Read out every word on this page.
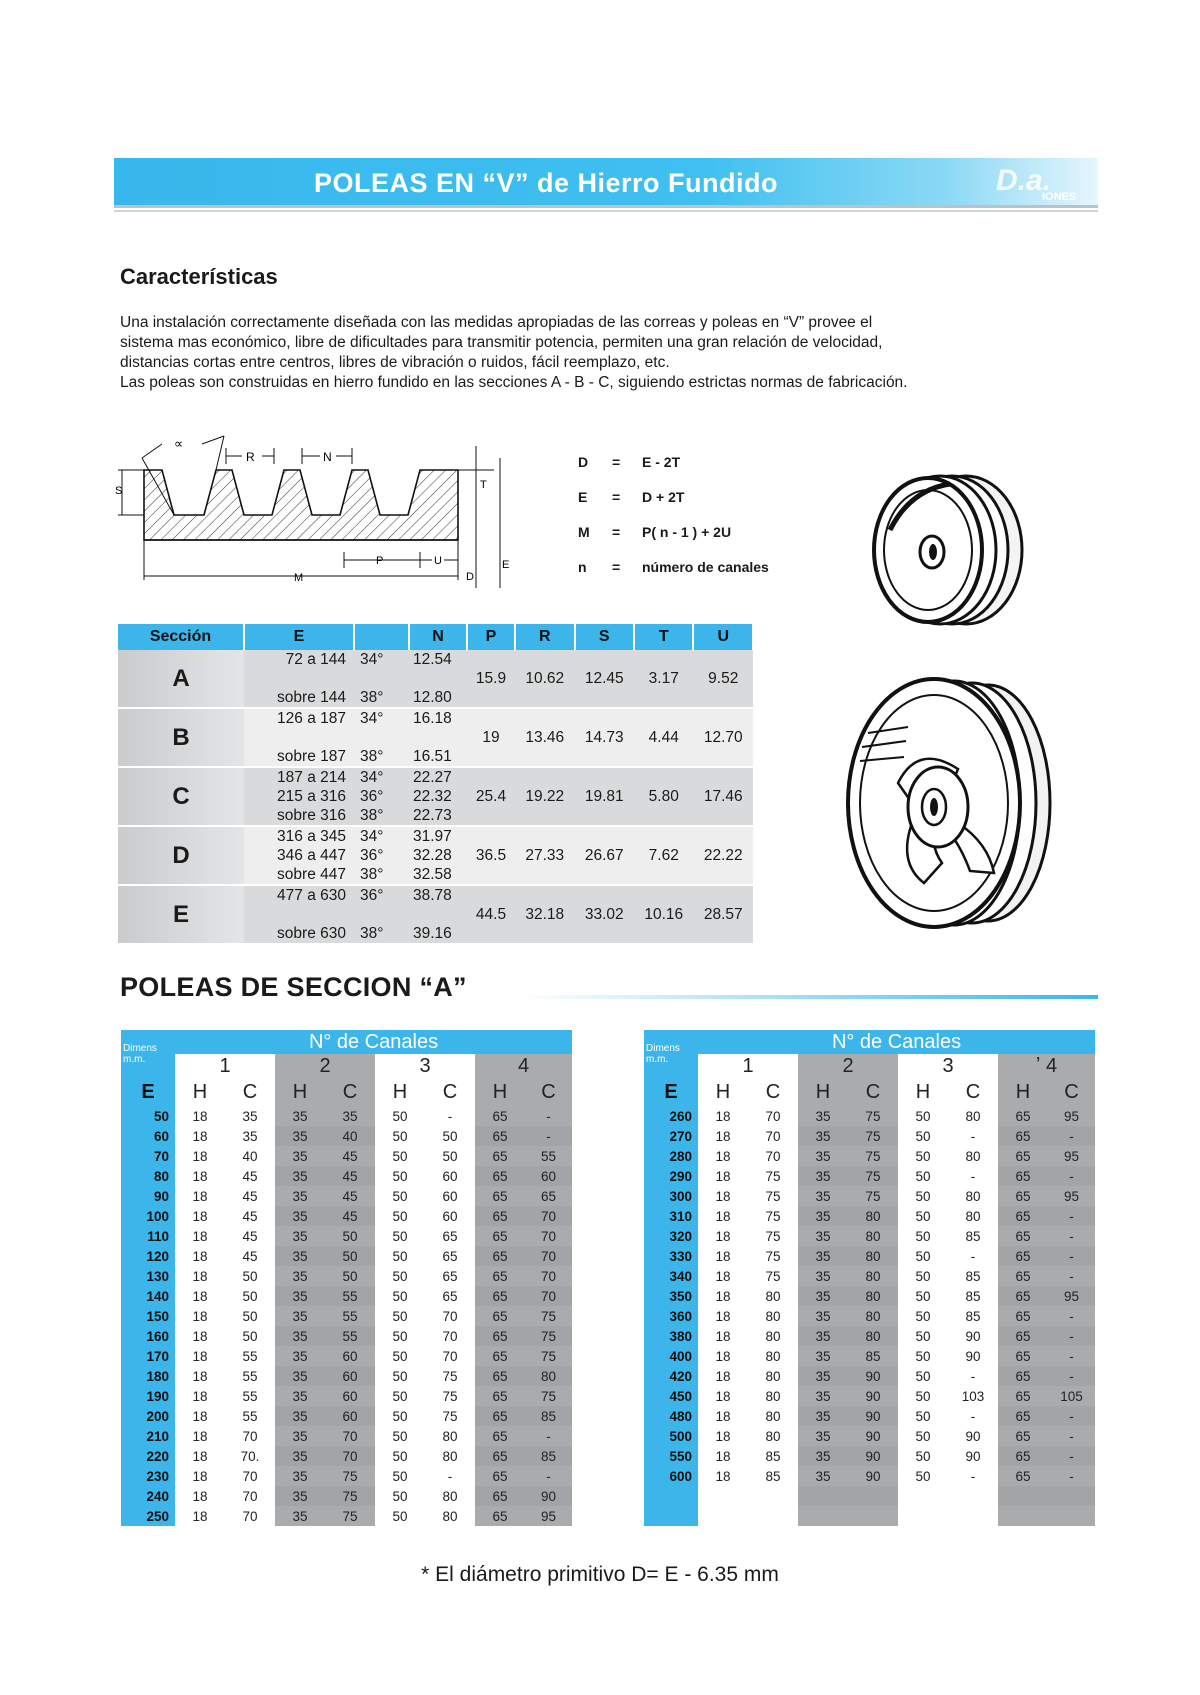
POLEAS EN “V” de Hierro Fundido	D.a.
IONES
Características
Una instalación correctamente diseñada con las medidas apropiadas de las correas y poleas en “V” provee el
sistema mas económico, libre de dificultades para transmitir potencia, permiten una gran relación de velocidad,
distancias cortas entre centros, libres de vibración o ruidos, fácil reemplazo, etc.
Las poleas son construidas en hierro fundido en las secciones A - B - C, siguiendo estrictas normas de fabricación.
∝
R	N
S	T
M
P	U
D
E
D	=	E - 2T
E	=	D + 2T
M	=	P( n - 1 ) + 2U
n	=	número de canales
Sección	E		N	P	R	S	T	U
A	72 a 144	34°	12.54	15.9	10.62	12.45	3.17	9.52

	sobre 144	38°	12.80					

B	126 a 187	34°	16.18	19	13.46	14.73	4.44	12.70

	sobre 187	38°	16.51					

C	187 a 214	34°	22.27	25.4	19.22	19.81	5.80	17.46
	215 a 316	36°	22.32					
	sobre 316	38°	22.73					

D	316 a 345	34°	31.97	36.5	27.33	26.67	7.62	22.22
	346 a 447	36°	32.28					
	sobre 447	38°	32.58					

E	477 a 630	36°	38.78	44.5	32.18	33.02	10.16	28.57

	sobre 630	38°	39.16					
POLEAS DE SECCION “A”
Dimens
m.m.	N° de Canales							
	1		2		3		4	
E	H	C	H	C	H	C	H	C
50	18	35	35	35	50	-	65	-
60	18	35	35	40	50	50	65	-
70	18	40	35	45	50	50	65	55
80	18	45	35	45	50	60	65	60
90	18	45	35	45	50	60	65	65
100	18	45	35	45	50	60	65	70
110	18	45	35	50	50	65	65	70
120	18	45	35	50	50	65	65	70
130	18	50	35	50	50	65	65	70
140	18	50	35	55	50	65	65	70
150	18	50	35	55	50	70	65	75
160	18	50	35	55	50	70	65	75
170	18	55	35	60	50	70	65	75
180	18	55	35	60	50	75	65	80
190	18	55	35	60	50	75	65	75
200	18	55	35	60	50	75	65	85
210	18	70	35	70	50	80	65	-
220	18	70.	35	70	50	80	65	85
230	18	70	35	75	50	-	65	-
240	18	70	35	75	50	80	65	90
250	18	70	35	75	50	80	65	95
Dimens
m.m.	N° de Canales							
	1		2		3		ʼ 4	
E	H	C	H	C	H	C	H	C
260	18	70	35	75	50	80	65	95
270	18	70	35	75	50	-	65	-
280	18	70	35	75	50	80	65	95
290	18	75	35	75	50	-	65	-
300	18	75	35	75	50	80	65	95
310	18	75	35	80	50	80	65	-
320	18	75	35	80	50	85	65	-
330	18	75	35	80	50	-	65	-
340	18	75	35	80	50	85	65	-
350	18	80	35	80	50	85	65	95
360	18	80	35	80	50	85	65	-
380	18	80	35	80	50	90	65	-
400	18	80	35	85	50	90	65	-
420	18	80	35	90	50	-	65	-
450	18	80	35	90	50	103	65	105
480	18	80	35	90	50	-	65	-
500	18	80	35	90	50	90	65	-
550	18	85	35	90	50	90	65	-
600	18	85	35	90	50	-	65	-

* El diámetro primitivo D= E - 6.35 mm
